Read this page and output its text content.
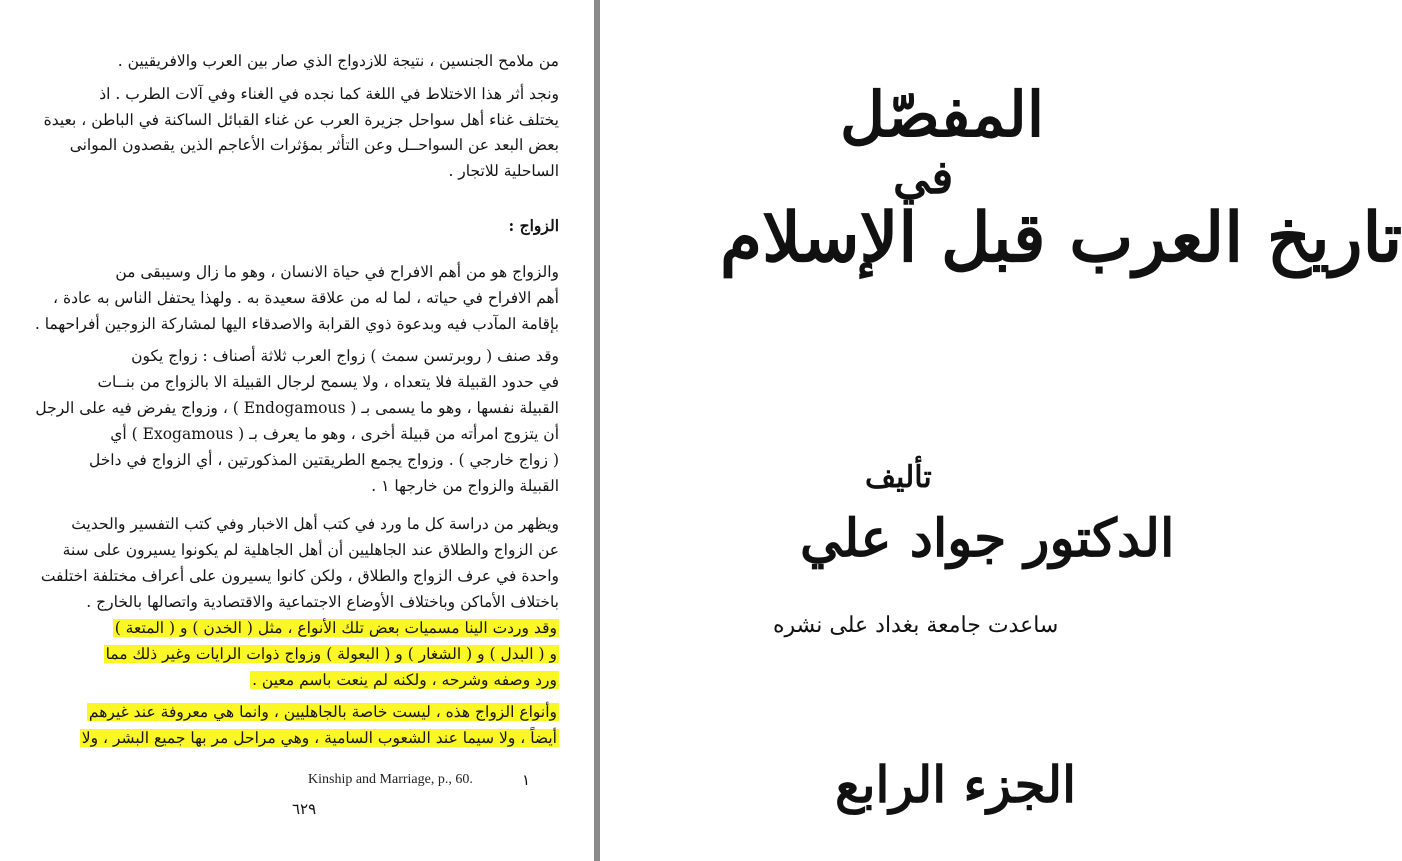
من ملامح الجنسين ، نتيجة للازدواج الذي صار بين العرب والافريقيين .
ونجد أثر هذا الاختلاط في اللغة كما نجده في الغناء وفي آلات الطرب . اذ
يختلف غناء أهل سواحل جزيرة العرب عن غناء القبائل الساكنة في الباطن ، بعيدة
بعض البعد عن السواحــل وعن التأثر بمؤثرات الأعاجم الذين يقصدون الموانى
الساحلية للاتجار .
الزواج :
والزواج هو من أهم الافراح في حياة الانسان ، وهو ما زال وسيبقى من
أهم الافراح في حياته ، لما له من علاقة سعيدة به . ولهذا يحتفل الناس به عادة ،
بإقامة المآدب فيه وبدعوة ذوي القرابة والاصدقاء اليها لمشاركة الزوجين أفراحهما .
وقد صنف ( روبرتسن سمث ) زواج العرب ثلاثة أصناف : زواج يكون
في حدود القبيلة فلا يتعداه ، ولا يسمح لرجال القبيلة الا بالزواج من بنــات
القبيلة نفسها ، وهو ما يسمى بـ ( Endogamous ) ، وزواج يفرض فيه على الرجل
أن يتزوج امرأته من قبيلة أخرى ، وهو ما يعرف بـ ( Exogamous ) أي
( زواج خارجي ) . وزواج يجمع الطريقتين المذكورتين ، أي الزواج في داخل
القبيلة والزواج من خارجها ١ .
ويظهر من دراسة كل ما ورد في كتب أهل الاخبار وفي كتب التفسير والحديث
عن الزواج والطلاق عند الجاهليين أن أهل الجاهلية لم يكونوا يسيرون على سنة
واحدة في عرف الزواج والطلاق ، ولكن كانوا يسيرون على أعراف مختلفة اختلفت
باختلاف الأماكن وباختلاف الأوضاع الاجتماعية والاقتصادية واتصالها بالخارج .
وقد وردت الينا مسميات بعض تلك الأنواع ، مثل ( الخدن ) و ( المتعة )
و ( البدل ) و ( الشغار ) و ( البعولة ) وزواج ذوات الرايات وغير ذلك مما
ورد وصفه وشرحه ، ولكنه لم ينعت باسم معين .
وأنواع الزواج هذه ، ليست خاصة بالجاهليين ، وانما هي معروفة عند غيرهم
أيضاً ، ولا سيما عند الشعوب السامية ، وهي مراحل مر بها جميع البشر ، ولا
١
Kinship and Marriage, p., 60.
٦٢٩
المفصّل
في
تاريخ العرب قبل الإسلام
تأليف
الدكتور جواد علي
ساعدت جامعة بغداد على نشره
الجزء الرابع
